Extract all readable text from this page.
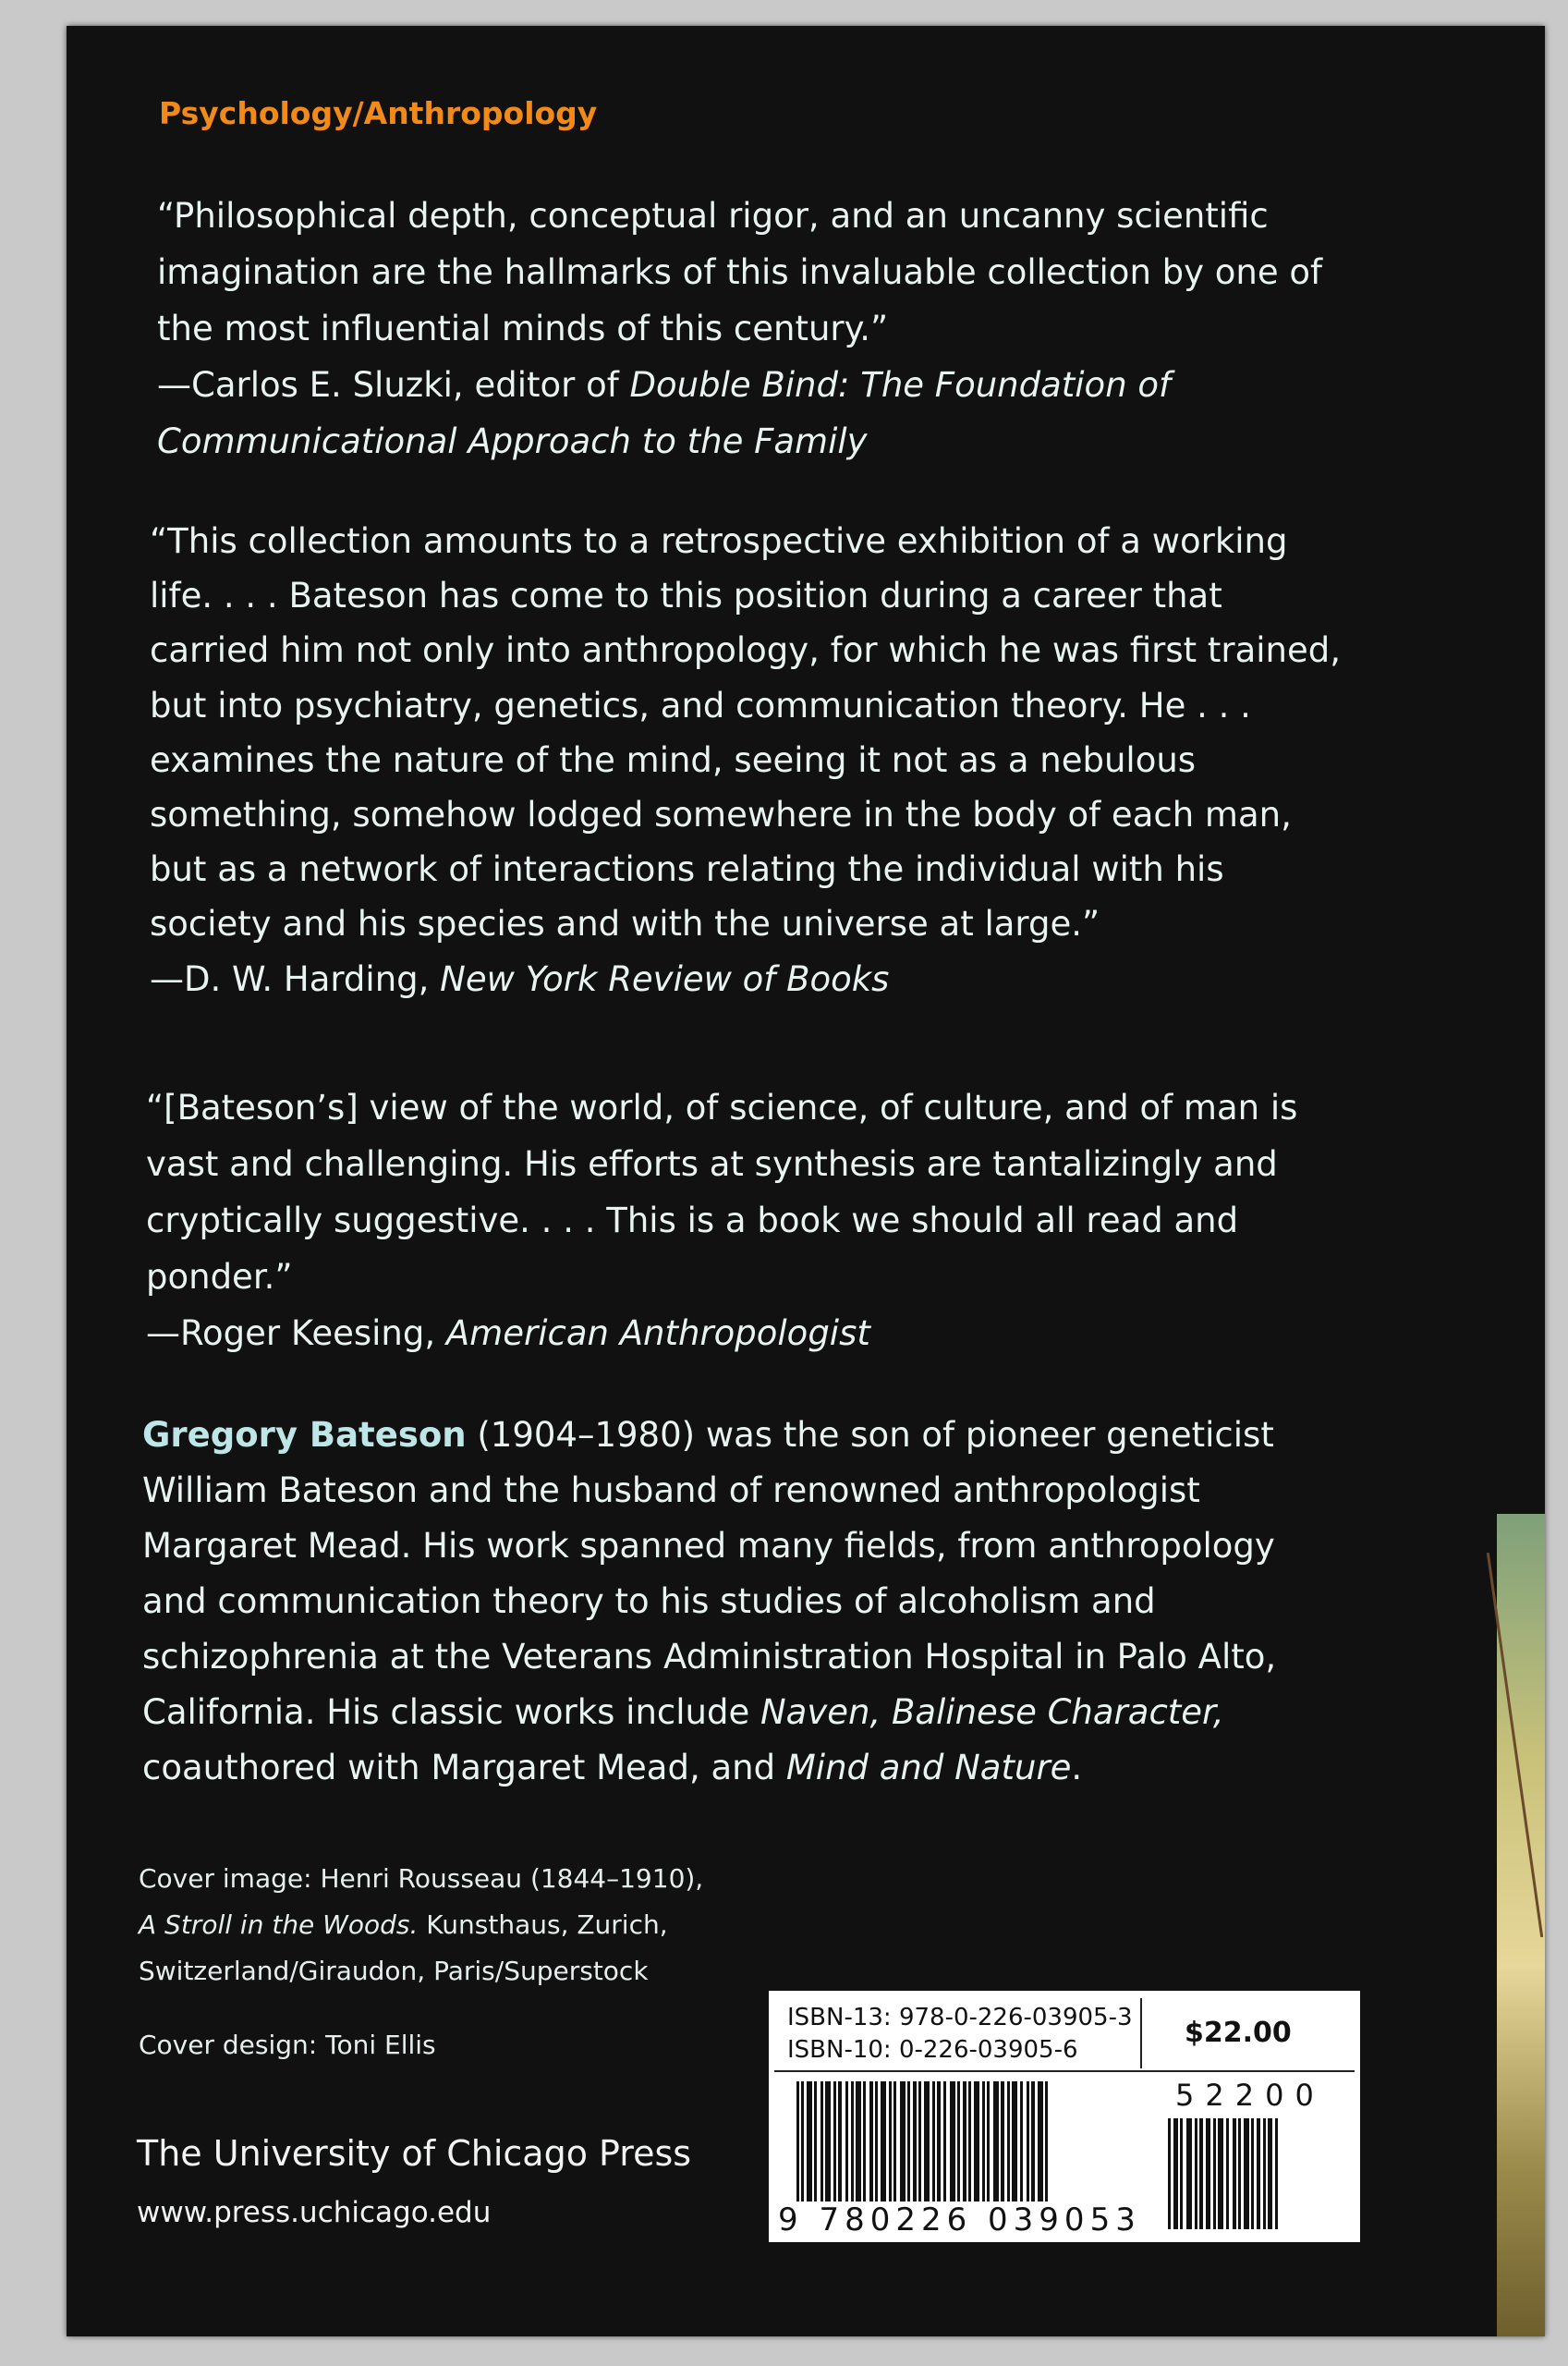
Psychology/Anthropology

“Philosophical depth, conceptual rigor, and an uncanny scientific imagination are the hallmarks of this invaluable collection by one of the most influential minds of this century.”
—Carlos E. Sluzki, editor of Double Bind: The Foundation of Communicational Approach to the Family

“This collection amounts to a retrospective exhibition of a working life. . . . Bateson has come to this position during a career that carried him not only into anthropology, for which he was first trained, but into psychiatry, genetics, and communication theory. He . . . examines the nature of the mind, seeing it not as a nebulous something, somehow lodged somewhere in the body of each man, but as a network of interactions relating the individual with his society and his species and with the universe at large.”
—D. W. Harding, New York Review of Books

“[Bateson’s] view of the world, of science, of culture, and of man is vast and challenging. His efforts at synthesis are tantalizingly and cryptically suggestive. . . . This is a book we should all read and ponder.”
—Roger Keesing, American Anthropologist

Gregory Bateson (1904–1980) was the son of pioneer geneticist William Bateson and the husband of renowned anthropologist Margaret Mead. His work spanned many fields, from anthropology and communication theory to his studies of alcoholism and schizophrenia at the Veterans Administration Hospital in Palo Alto, California. His classic works include Naven, Balinese Character, coauthored with Margaret Mead, and Mind and Nature.

Cover image: Henri Rousseau (1844–1910),
A Stroll in the Woods. Kunsthaus, Zurich,
Switzerland/Giraudon, Paris/Superstock
Cover design: Toni Ellis
The University of Chicago Press
www.press.uchicago.edu
ISBN-13: 978-0-226-03905-3
ISBN-10: 0-226-03905-6
$22.00
52200
9 780226 039053
